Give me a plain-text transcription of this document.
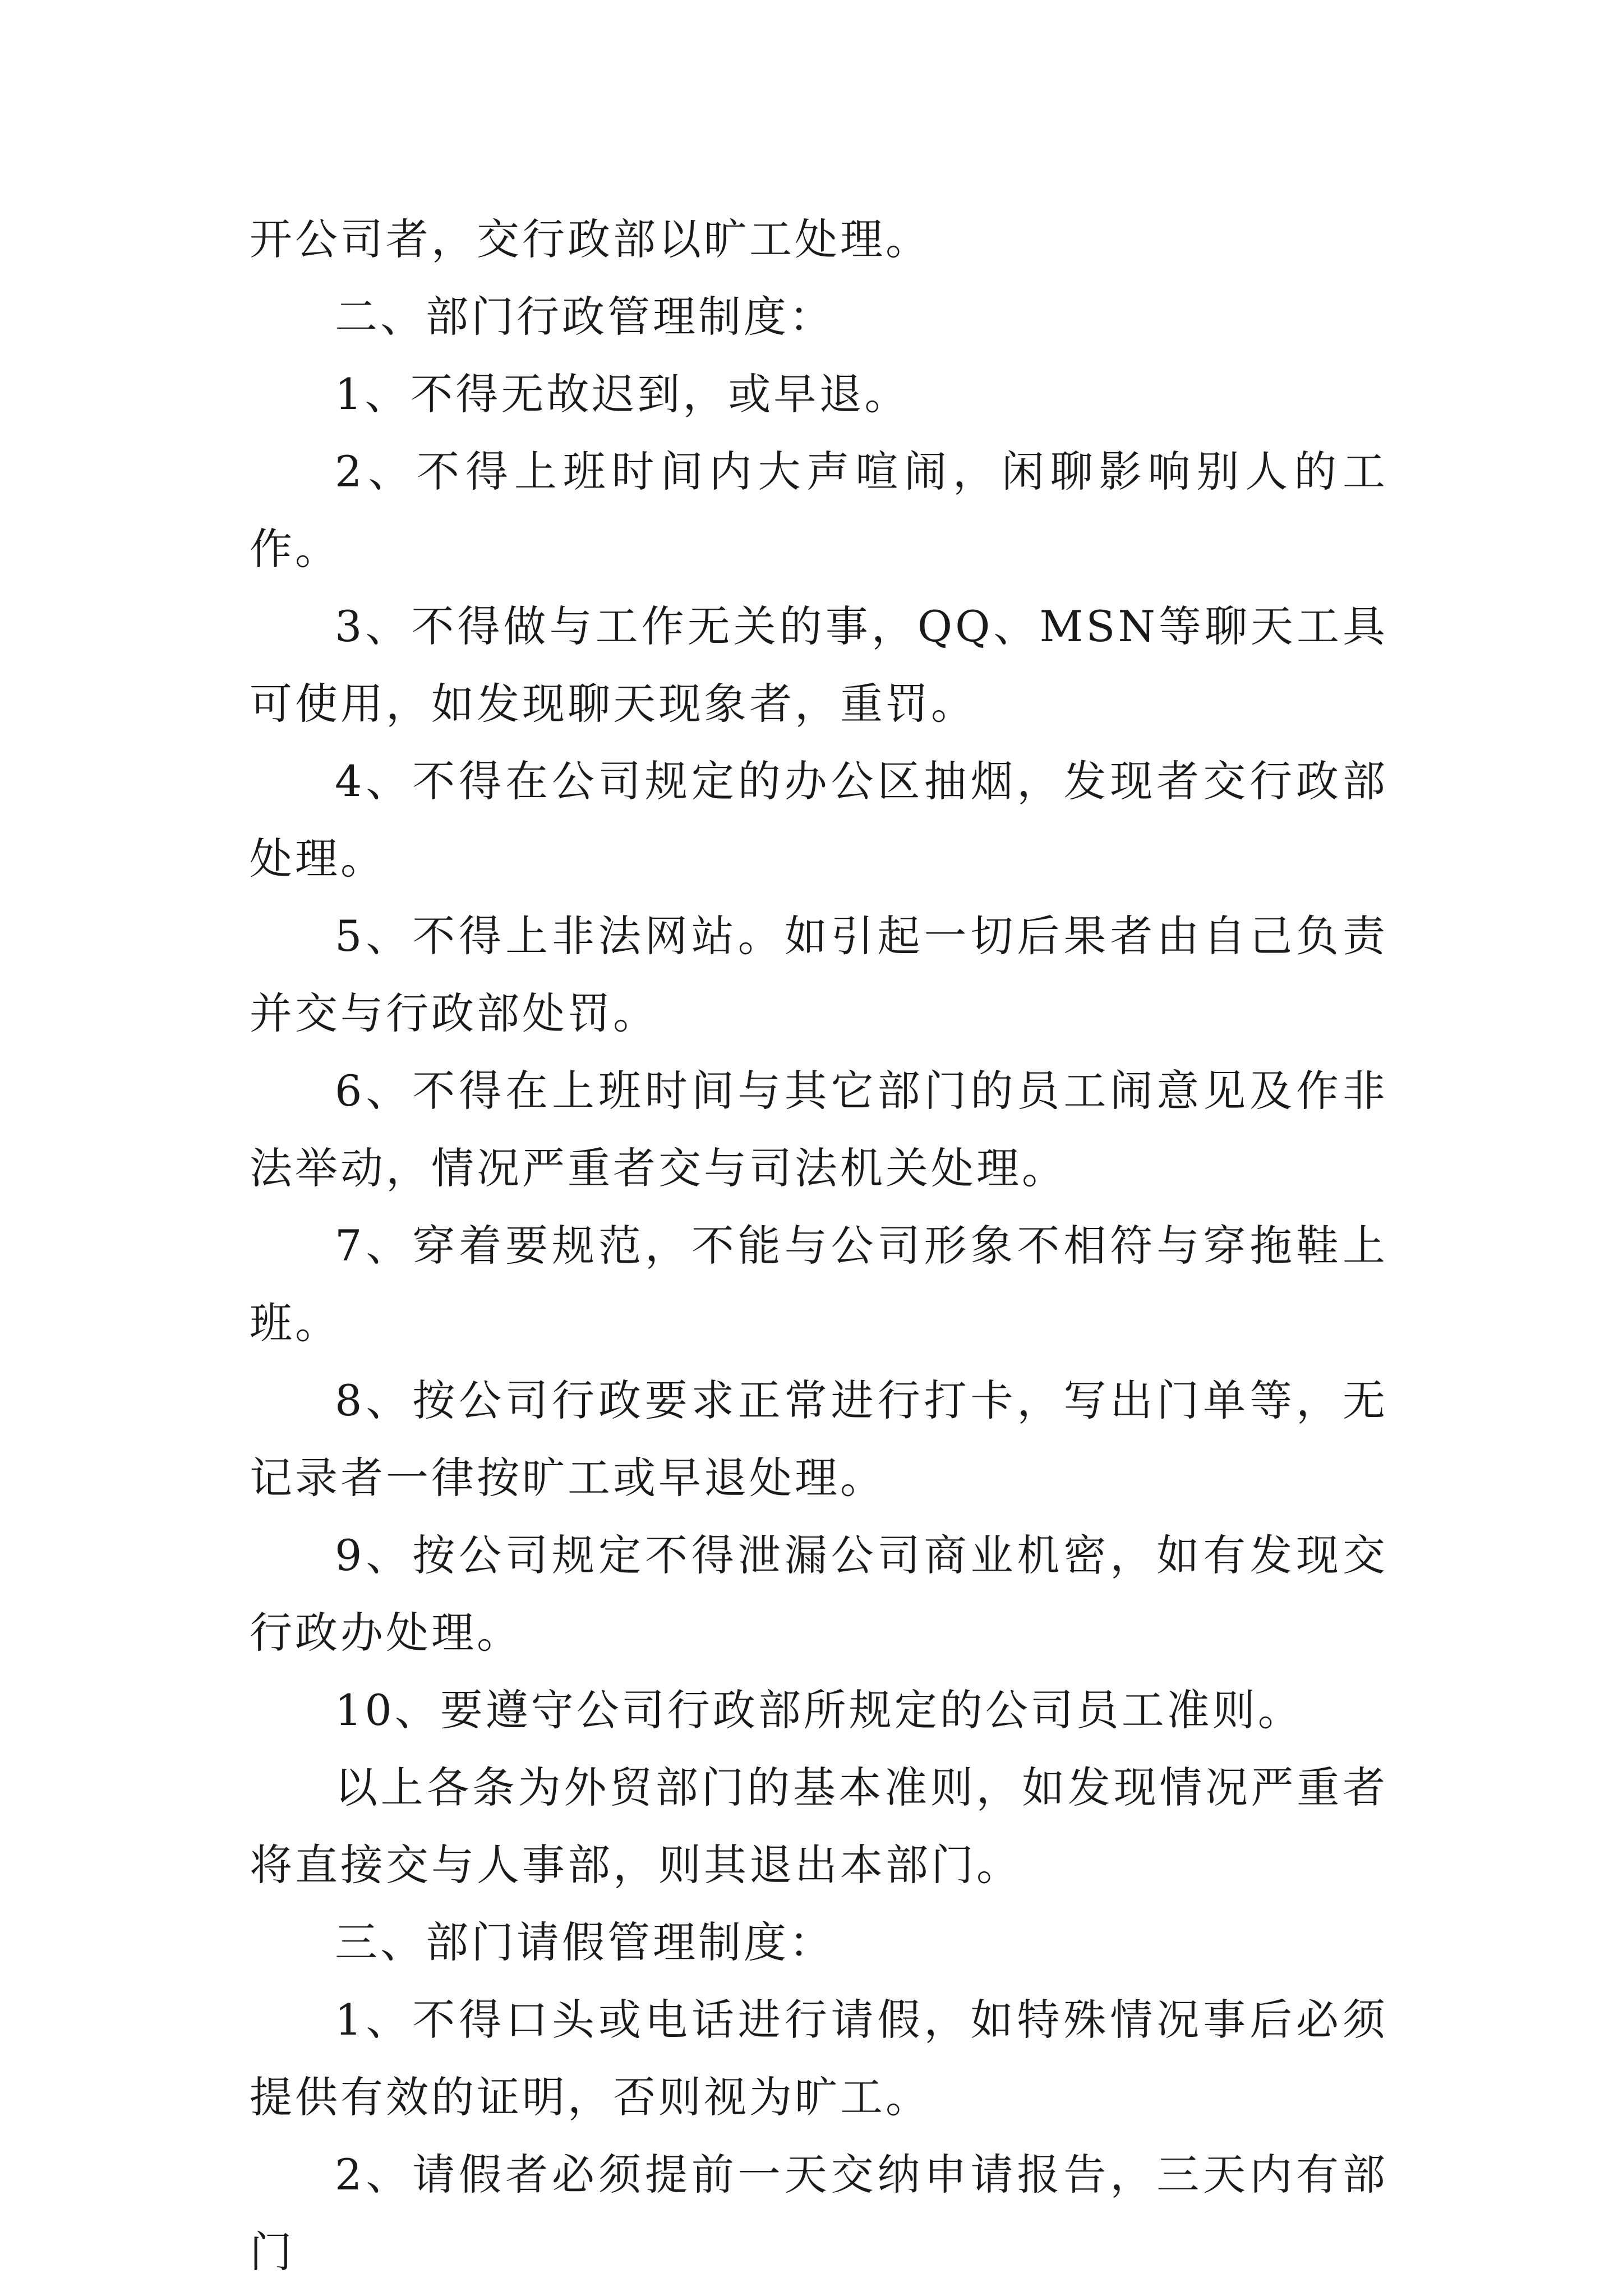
开公司者，交行政部以旷工处理。

二、部门行政管理制度：

1、不得无故迟到，或早退。

2、不得上班时间内大声喧闹，闲聊影响别人的工作。

3、不得做与工作无关的事，QQ、MSN等聊天工具可使用，如发现聊天现象者，重罚。

4、不得在公司规定的办公区抽烟，发现者交行政部处理。

5、不得上非法网站。如引起一切后果者由自己负责并交与行政部处罚。

6、不得在上班时间与其它部门的员工闹意见及作非法举动，情况严重者交与司法机关处理。

7、穿着要规范，不能与公司形象不相符与穿拖鞋上班。

8、按公司行政要求正常进行打卡，写出门单等，无记录者一律按旷工或早退处理。

9、按公司规定不得泄漏公司商业机密，如有发现交行政办处理。

10、要遵守公司行政部所规定的公司员工准则。

以上各条为外贸部门的基本准则，如发现情况严重者将直接交与人事部，则其退出本部门。

三、部门请假管理制度：

1、不得口头或电话进行请假，如特殊情况事后必须提供有效的证明，否则视为旷工。

2、请假者必须提前一天交纳申请报告，三天内有部门
